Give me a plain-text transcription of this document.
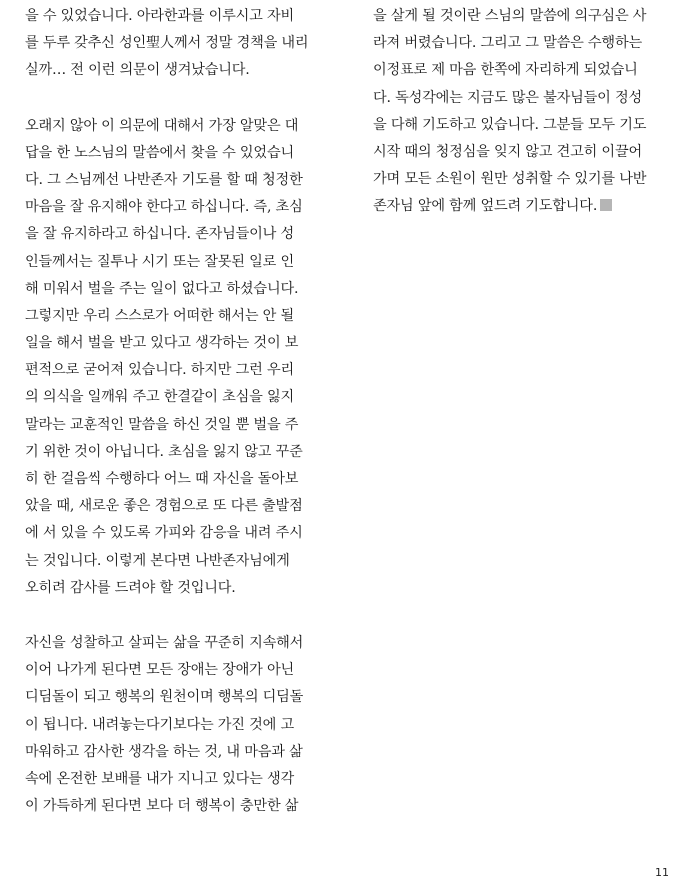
을 수 있었습니다. 아라한과를 이루시고 자비
를 두루 갖추신 성인聖人께서 정말 경책을 내리
실까… 전 이런 의문이 생겨났습니다.
오래지 않아 이 의문에 대해서 가장 알맞은 대
답을 한 노스님의 말씀에서 찾을 수 있었습니
다. 그 스님께선 나반존자 기도를 할 때 청정한
마음을 잘 유지해야 한다고 하십니다. 즉, 초심
을 잘 유지하라고 하십니다. 존자님들이나 성
인들께서는 질투나 시기 또는 잘못된 일로 인
해 미워서 벌을 주는 일이 없다고 하셨습니다.
그렇지만 우리 스스로가 어떠한 해서는 안 될
일을 해서 벌을 받고 있다고 생각하는 것이 보
편적으로 굳어져 있습니다. 하지만 그런 우리
의 의식을 일깨워 주고 한결같이 초심을 잃지
말라는 교훈적인 말씀을 하신 것일 뿐 벌을 주
기 위한 것이 아닙니다. 초심을 잃지 않고 꾸준
히 한 걸음씩 수행하다 어느 때 자신을 돌아보
았을 때, 새로운 좋은 경험으로 또 다른 출발점
에 서 있을 수 있도록 가피와 감응을 내려 주시
는 것입니다. 이렇게 본다면 나반존자님에게
오히려 감사를 드려야 할 것입니다.
자신을 성찰하고 살피는 삶을 꾸준히 지속해서
이어 나가게 된다면 모든 장애는 장애가 아닌
디딤돌이 되고 행복의 원천이며 행복의 디딤돌
이 됩니다. 내려놓는다기보다는 가진 것에 고
마워하고 감사한 생각을 하는 것, 내 마음과 삶
속에 온전한 보배를 내가 지니고 있다는 생각
이 가득하게 된다면 보다 더 행복이 충만한 삶
을 살게 될 것이란 스님의 말씀에 의구심은 사
라져 버렸습니다. 그리고 그 말씀은 수행하는
이정표로 제 마음 한쪽에 자리하게 되었습니
다. 독성각에는 지금도 많은 불자님들이 정성
을 다해 기도하고 있습니다. 그분들 모두 기도
시작 때의 청정심을 잊지 않고 견고히 이끌어
가며 모든 소원이 원만 성취할 수 있기를 나반
존자님 앞에 함께 엎드려 기도합니다.
11
